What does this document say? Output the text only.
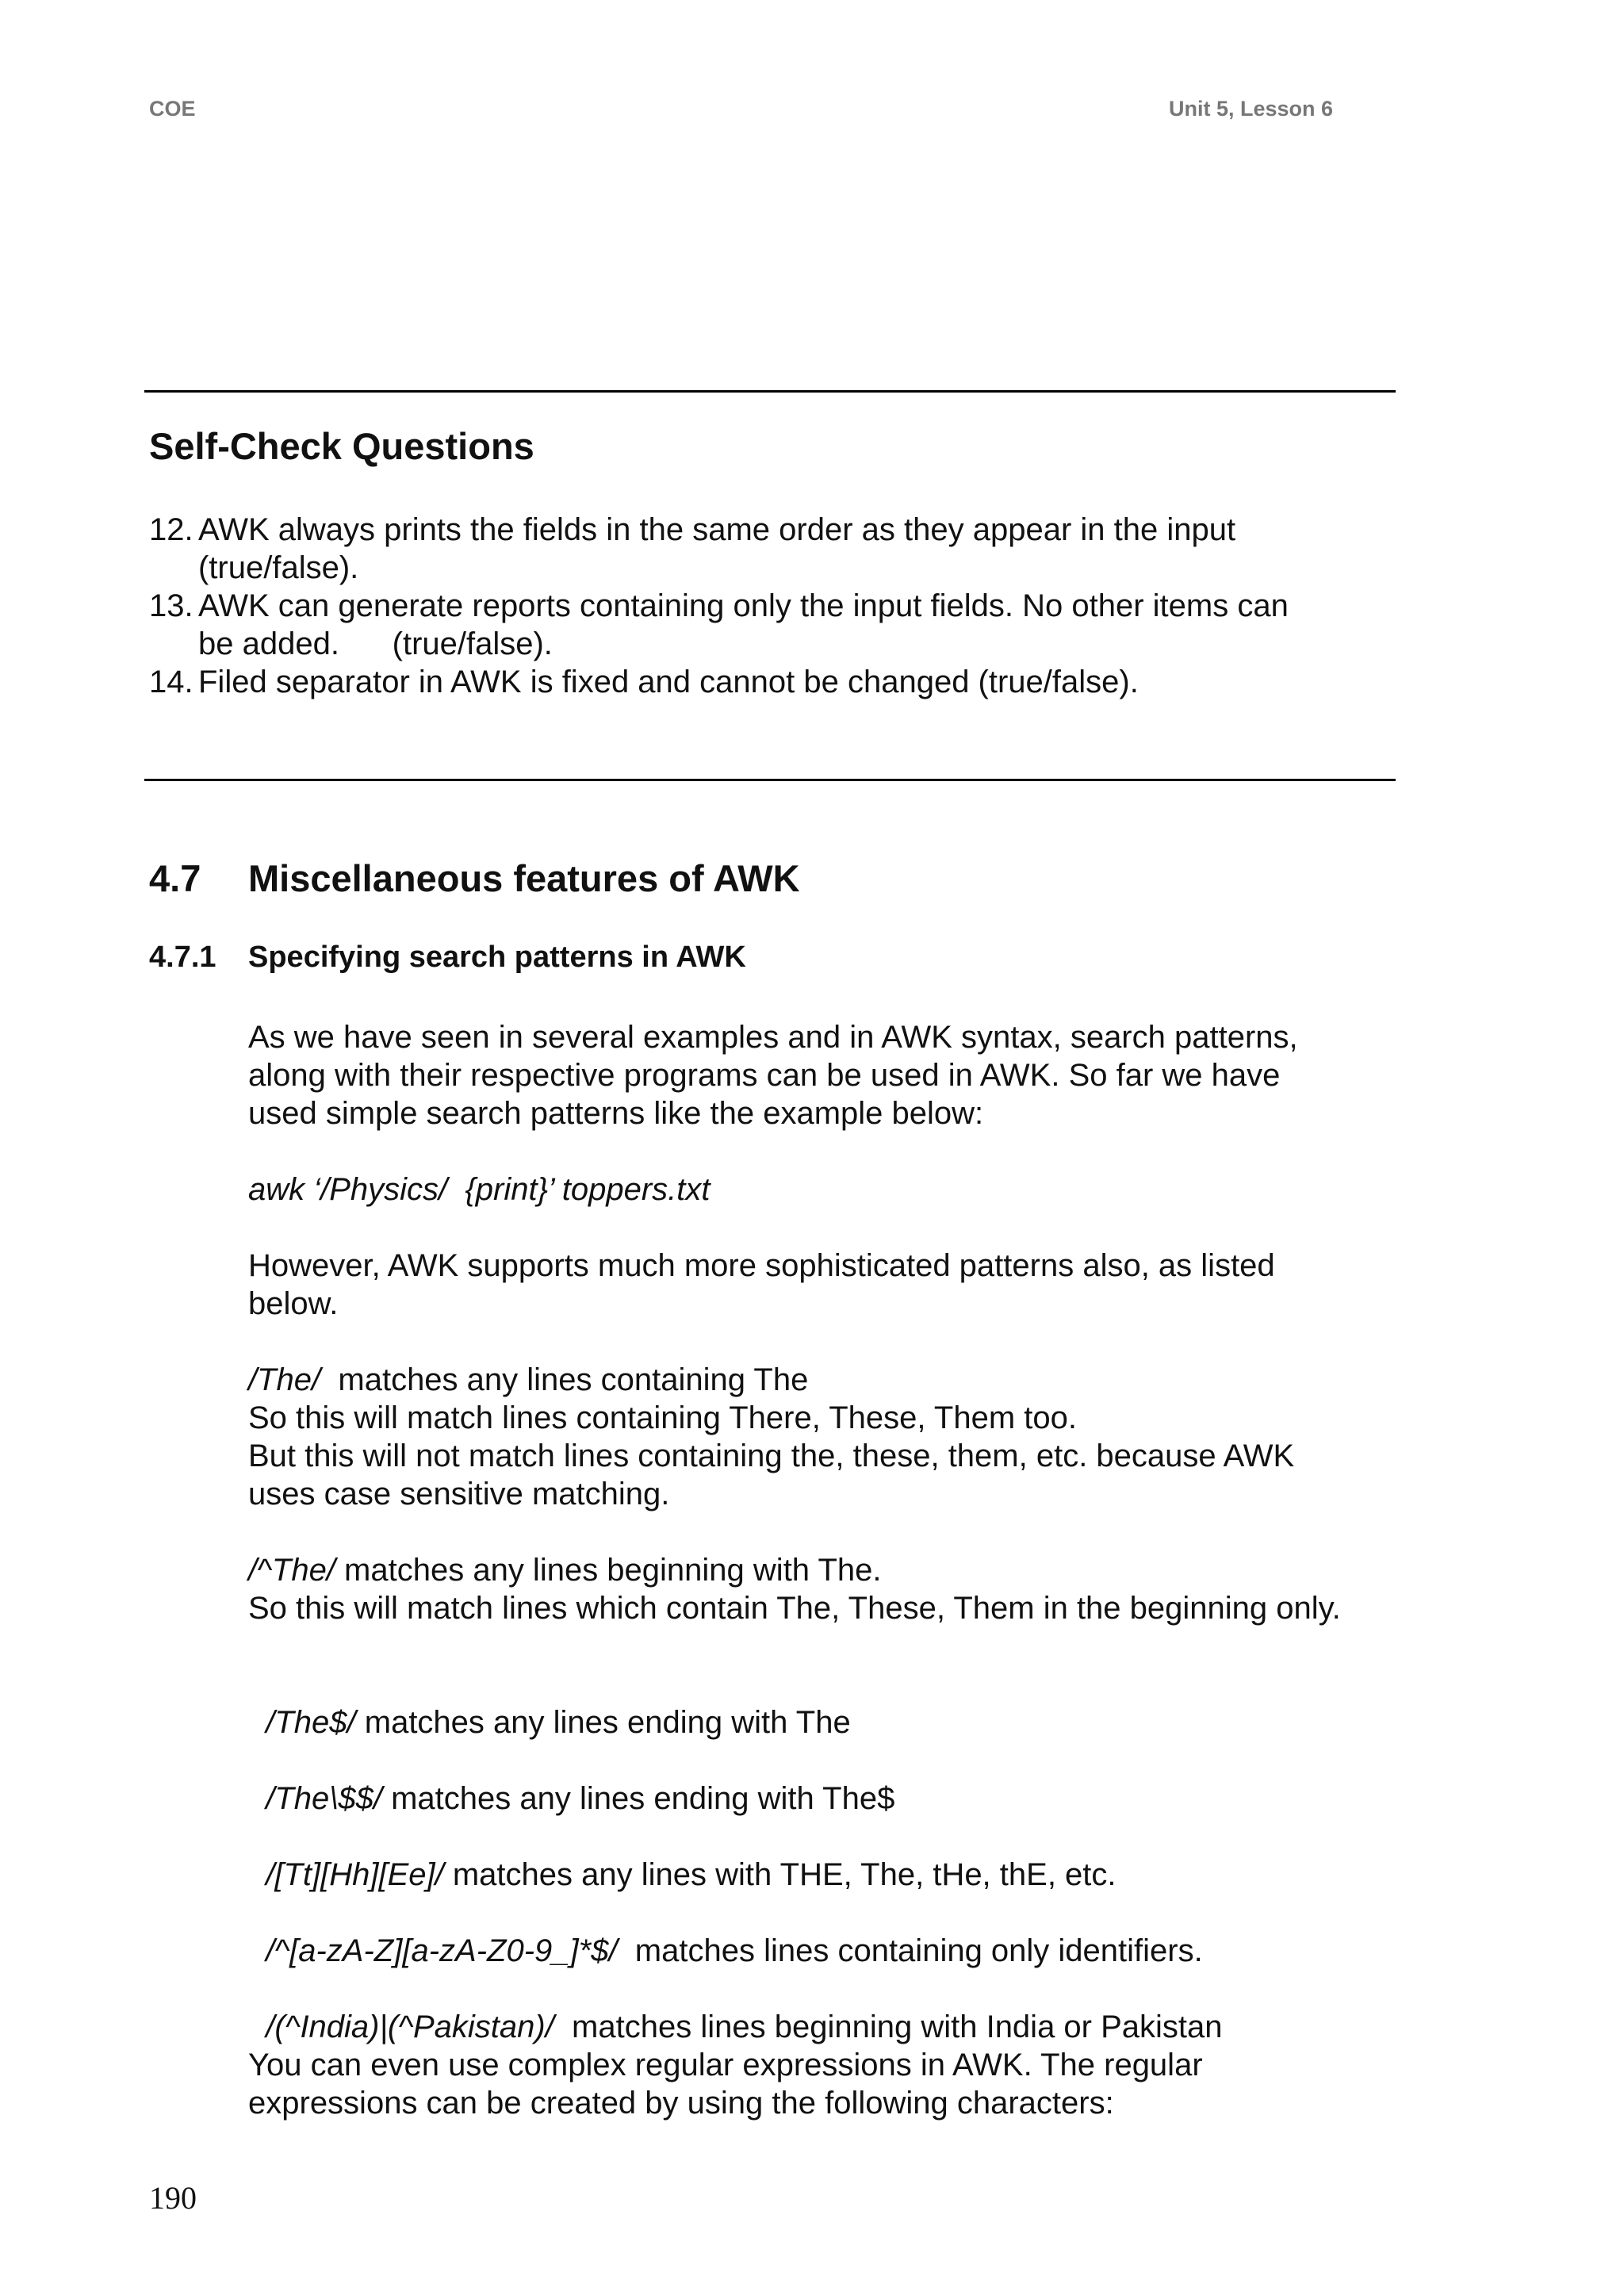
COE	Unit 5, Lesson 6
Self-Check Questions
12. AWK always prints the fields in the same order as they appear in the input
(true/false).
13. AWK can generate reports containing only the input fields. No other items can
be added.      (true/false).
14. Filed separator in AWK is fixed and cannot be changed (true/false).
4.7 Miscellaneous features of AWK
4.7.1 Specifying search patterns in AWK

As we have seen in several examples and in AWK syntax, search patterns,

along with their respective programs can be used in AWK. So far we have

used simple search patterns like the example below:

awk ‘/Physics/  {print}’ toppers.txt

However, AWK supports much more sophisticated patterns also, as listed

below.

/The/  matches any lines containing The

So this will match lines containing There, These, Them too.

But this will not match lines containing the, these, them, etc. because AWK

uses case sensitive matching.

/^The/ matches any lines beginning with The.

So this will match lines which contain The, These, Them in the beginning only.

/The$/ matches any lines ending with The

/The\$$/ matches any lines ending with The$

/[Tt][Hh][Ee]/ matches any lines with THE, The, tHe, thE, etc.

/^[a-zA-Z][a-zA-Z0-9_]*$/  matches lines containing only identifiers.

/(^India)|(^Pakistan)/  matches lines beginning with India or Pakistan

You can even use complex regular expressions in AWK. The regular

expressions can be created by using the following characters:

190
